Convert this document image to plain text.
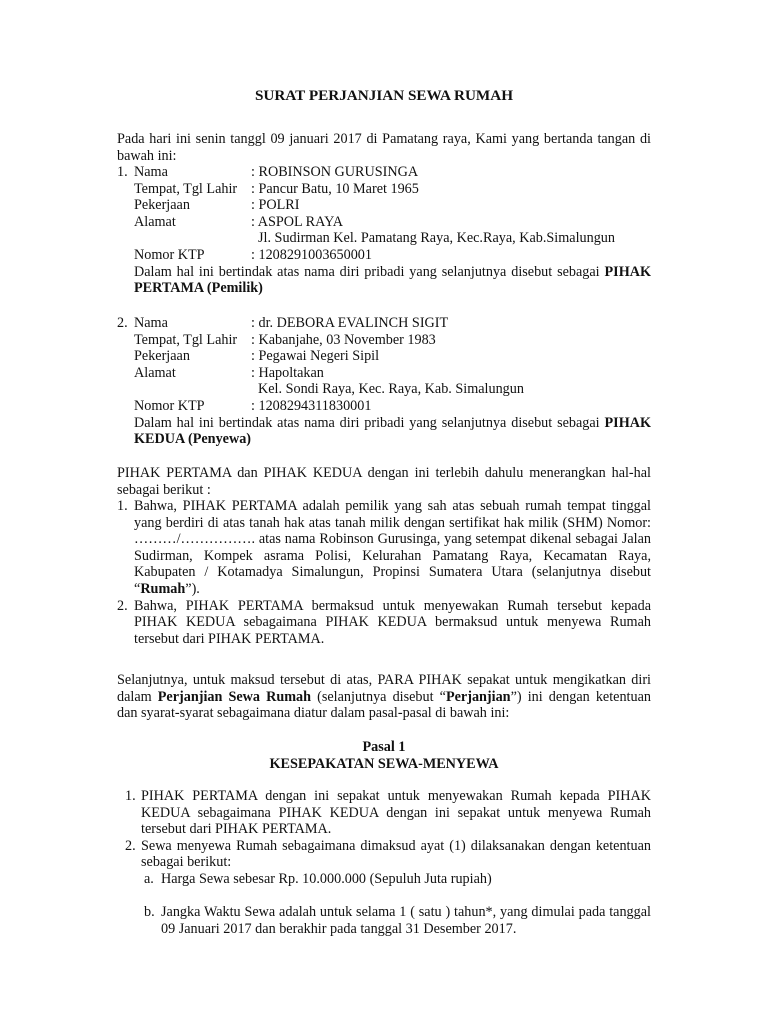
SURAT PERJANJIAN SEWA RUMAH
Pada hari ini senin tanggl 09 januari 2017 di Pamatang raya, Kami yang bertanda tangan di bawah ini:
1. Nama	: ROBINSON GURUSINGA
Tempat, Tgl Lahir : Pancur Batu, 10 Maret 1965
Pekerjaan	: POLRI
Alamat	: ASPOL RAYA
Jl. Sudirman Kel. Pamatang Raya, Kec.Raya, Kab.Simalungun
Nomor KTP	: 1208291003650001
Dalam hal ini bertindak atas nama diri pribadi yang selanjutnya disebut sebagai PIHAK PERTAMA (Pemilik)
2. Nama	: dr. DEBORA EVALINCH SIGIT
Tempat, Tgl Lahir : Kabanjahe, 03 November 1983
Pekerjaan	: Pegawai Negeri Sipil
Alamat	: Hapoltakan
Kel. Sondi Raya, Kec. Raya, Kab. Simalungun
Nomor KTP	: 1208294311830001
Dalam hal ini bertindak atas nama diri pribadi yang selanjutnya disebut sebagai PIHAK KEDUA (Penyewa)
PIHAK PERTAMA dan PIHAK KEDUA dengan ini terlebih dahulu menerangkan hal-hal sebagai berikut :
1. Bahwa, PIHAK PERTAMA adalah pemilik yang sah atas sebuah rumah tempat tinggal yang berdiri di atas tanah hak atas tanah milik dengan sertifikat hak milik (SHM) Nomor: ………/……………. atas nama Robinson Gurusinga, yang setempat dikenal sebagai Jalan Sudirman, Kompek asrama Polisi, Kelurahan Pamatang Raya, Kecamatan Raya, Kabupaten / Kotamadya Simalungun, Propinsi Sumatera Utara (selanjutnya disebut “Rumah”).
2. Bahwa, PIHAK PERTAMA bermaksud untuk menyewakan Rumah tersebut kepada PIHAK KEDUA sebagaimana PIHAK KEDUA bermaksud untuk menyewa Rumah tersebut dari PIHAK PERTAMA.
Selanjutnya, untuk maksud tersebut di atas, PARA PIHAK sepakat untuk mengikatkan diri dalam Perjanjian Sewa Rumah (selanjutnya disebut “Perjanjian”) ini dengan ketentuan dan syarat-syarat sebagaimana diatur dalam pasal-pasal di bawah ini:
Pasal 1
KESEPAKATAN SEWA-MENYEWA
1. PIHAK PERTAMA dengan ini sepakat untuk menyewakan Rumah kepada PIHAK KEDUA sebagaimana PIHAK KEDUA dengan ini sepakat untuk menyewa Rumah tersebut dari PIHAK PERTAMA.
2. Sewa menyewa Rumah sebagaimana dimaksud ayat (1) dilaksanakan dengan ketentuan sebagai berikut:
a. Harga Sewa sebesar Rp. 10.000.000 (Sepuluh Juta rupiah)
b. Jangka Waktu Sewa adalah untuk selama 1 ( satu ) tahun*, yang dimulai pada tanggal 09 Januari 2017 dan berakhir pada tanggal 31 Desember 2017.
